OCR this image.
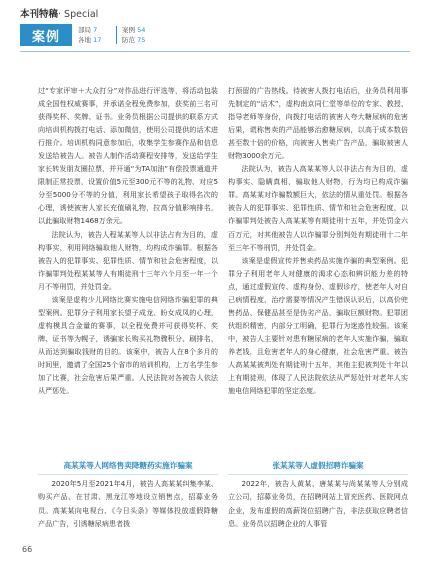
本刊特稿· Special
案例	部局 7	案例 54
各地 17	防范 75

过“专家评审＋大众打分”对作品进行评选等，将活动包装成全国性权威赛事，并承诺全程免费参加，获奖前三名可获得奖杯、奖牌、证书。业务员根据公司提供的联系方式向培训机构拨打电话、添加微信，使用公司提供的话术进行推介。培训机构同意参加后，收集学生参赛作品和信息发送给被告人。被告人制作活动赛程安排等，发送给学生家长转发朋友圈拉票，并开通“为TA加油”有偿投票通道并限制正常投票，设置价值5元至300元不等的礼物、对应5分至5000分不等的分值，利用家长希望孩子取得名次的心理，诱使被害人家长充值刷礼物，拉高分值影响排名，以此骗取财物1468万余元。

法院认为，被告人程某某等人以非法占有为目的，虚构事实，利用网络骗取他人财物，均构成诈骗罪。根据各被告人的犯罪事实、犯罪性质、情节和社会危害程度，以诈骗罪判处程某某等人有期徒刑十三年六个月至一年一个月不等刑罚，并处罚金。

该案是虚构少儿网络比赛实施电信网络诈骗犯罪的典型案例。犯罪分子利用家长望子成龙、盼女成凤的心理，虚构模具合金量的赛事，以全程免费并可获得奖杯、奖牌、证书等为幌子，诱骗家长购买礼物骤积分、刷排名，从而达到骗取钱财的目的。该案中，被告人在8个多月的时间里，邀请了全国25个省市的培训机构，上万名学生参加了比赛，社会危害后果严重。人民法院对各被告人依法从严惩处。

高某某等人网络售卖降糖药实施诈骗案

2020年5月至2021年4月，被告人高某某纠集李某、购买产品、在甘肃、黑龙江等地设立销售点，招募业务员。高某某向电视台、《今日头条》等媒体投放虚假降糖产品广告，引诱糖尿病患者拨

打预留的广告热线。待被害人拨打电话后，业务员利用事先制定的“话术”，虚构南京同仁堂等单位的专家、教授、指导老师等身份，向拨打电话的被害人夸大糖尿病的危害后果，谎称售卖的产品能够治愈糖尿病，以高于成本数倍甚至数十倍的价格，向被害人售卖广告产品，骗取被害人财物3000余万元。

法院认为，被告人高某某等人以非法占有为目的，虚构事实、隐瞒真相，骗取他人财物，行为均已构成诈骗罪。高某某对诈骗数额巨大，依法的情从重处罚。根据各被告人的犯罪事实、犯罪性质、情节和社会危害程度，以诈骗罪判处被告人高某某等有期徒刑十五年，并处罚金六百万元，对其他被告人以诈骗罪分别判处有期徒刑十二年至三年不等刑罚，并处罚金。

该案是虚假宣传并售卖药品实施诈骗的典型案例。犯罪分子利用老年人对健康的渴求心态和辨识能力差的特点，通过虚假宣传、虚构身份、虚假诊疗，使老年人对自己病情程度、治疗需要等情况产生错误认识后，以高价兜售药品、保健品甚至是伪劣产品，骗取巨额财物。犯罪团伙组织精密，内部分工明确，犯罪行为迷惑性较强。该案中，被告人主要针对患有糖尿病的老年人实施诈骗，骗取养老钱，且危害老年人的身心健康，社会危害严重。被告人高某某被判处有期徒刑十五年，其他主犯被判处十年以上有期徒刑，体现了人民法院依法从严惩处针对老年人实施电信网络犯罪的坚定态度。

张某某等人虚假招聘诈骗案

2022年，被告人黄某、唐某某与尚某某等人分别成立公司，招募业务员，在招聘网站上冒充医药、医院网点企业，发布虚假的高薪岗位招聘广告，非法获取应聘者信息。业务员以招聘企业的人事管

66
